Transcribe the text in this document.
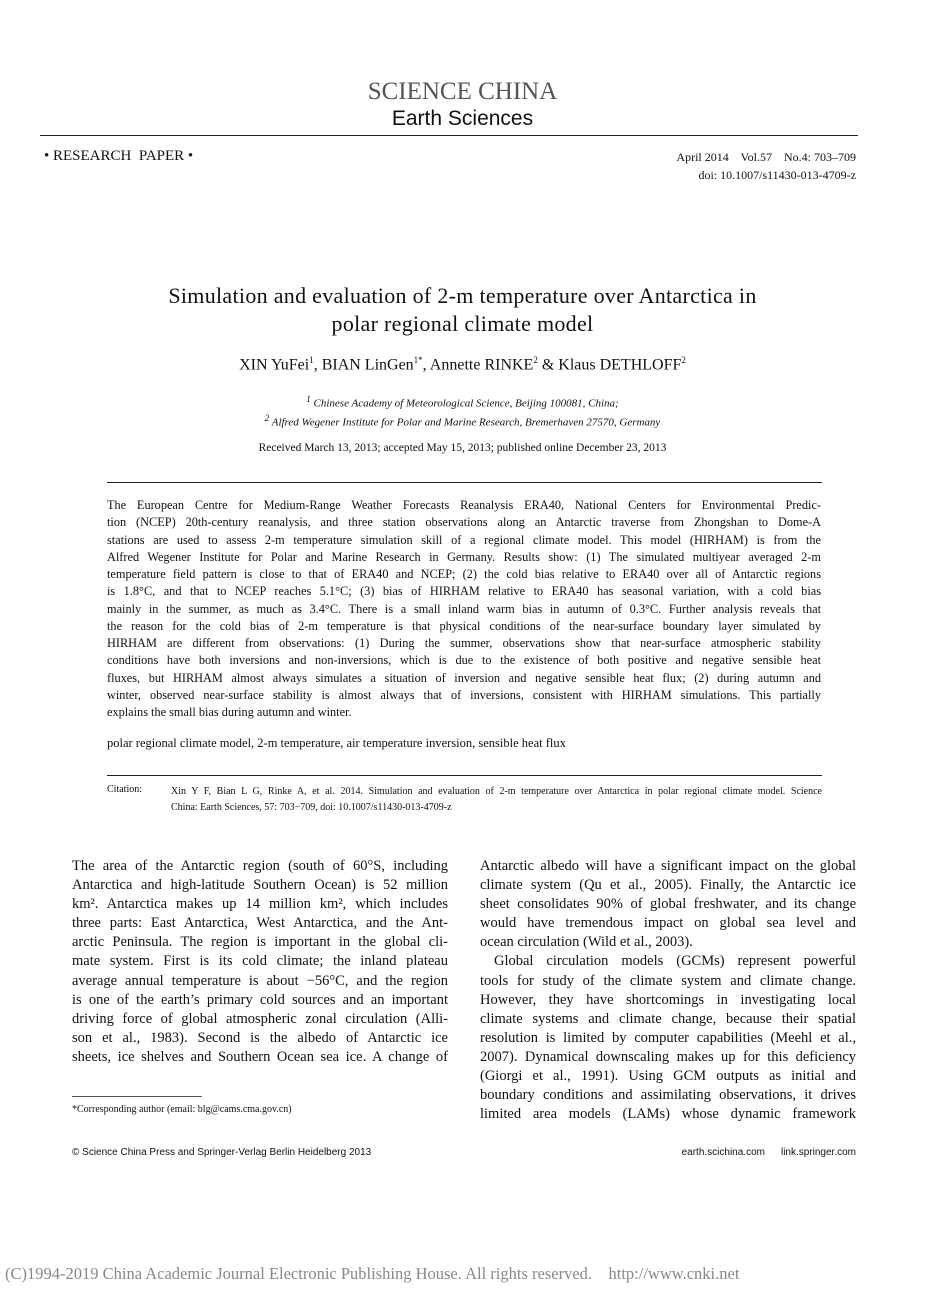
SCIENCE CHINA
Earth Sciences
• RESEARCH  PAPER •	April 2014    Vol.57    No.4: 703–709
doi: 10.1007/s11430-013-4709-z
Simulation and evaluation of 2-m temperature over Antarctica in
polar regional climate model
XIN YuFei$^1$, BIAN LinGen$^{1*}$, Annette RINKE$^2$ & Klaus DETHLOFF$^2$
$^1$ Chinese Academy of Meteorological Science, Beijing 100081, China;
$^2$ Alfred Wegener Institute for Polar and Marine Research, Bremerhaven 27570, Germany
Received March 13, 2013; accepted May 15, 2013; published online December 23, 2013
The European Centre for Medium-Range Weather Forecasts Reanalysis ERA40, National Centers for Environmental Predic-
tion (NCEP) 20th-century reanalysis, and three station observations along an Antarctic traverse from Zhongshan to Dome-A
stations are used to assess 2-m temperature simulation skill of a regional climate model. This model (HIRHAM) is from the
Alfred Wegener Institute for Polar and Marine Research in Germany. Results show: (1) The simulated multiyear averaged 2-m
temperature field pattern is close to that of ERA40 and NCEP; (2) the cold bias relative to ERA40 over all of Antarctic regions
is 1.8°C, and that to NCEP reaches 5.1°C; (3) bias of HIRHAM relative to ERA40 has seasonal variation, with a cold bias
mainly in the summer, as much as 3.4°C. There is a small inland warm bias in autumn of 0.3°C. Further analysis reveals that
the reason for the cold bias of 2-m temperature is that physical conditions of the near-surface boundary layer simulated by
HIRHAM are different from observations: (1) During the summer, observations show that near-surface atmospheric stability
conditions have both inversions and non-inversions, which is due to the existence of both positive and negative sensible heat
fluxes, but HIRHAM almost always simulates a situation of inversion and negative sensible heat flux; (2) during autumn and
winter, observed near-surface stability is almost always that of inversions, consistent with HIRHAM simulations. This partially
explains the small bias during autumn and winter.
polar regional climate model, 2-m temperature, air temperature inversion, sensible heat flux
Citation:	Xin Y F, Bian L G, Rinke A, et al. 2014. Simulation and evaluation of 2-m temperature over Antarctica in polar regional climate model. Science
China: Earth Sciences, 57: 703−709, doi: 10.1007/s11430-013-4709-z
The area of the Antarctic region (south of 60°S, including
Antarctica and high-latitude Southern Ocean) is 52 million
km². Antarctica makes up 14 million km², which includes
three parts: East Antarctica, West Antarctica, and the Ant-
arctic Peninsula. The region is important in the global cli-
mate system. First is its cold climate; the inland plateau
average annual temperature is about −56°C, and the region
is one of the earth’s primary cold sources and an important
driving force of global atmospheric zonal circulation (Alli-
son et al., 1983). Second is the albedo of Antarctic ice
sheets, ice shelves and Southern Ocean sea ice. A change of
Antarctic albedo will have a significant impact on the global
climate system (Qu et al., 2005). Finally, the Antarctic ice
sheet consolidates 90% of global freshwater, and its change
would have tremendous impact on global sea level and
ocean circulation (Wild et al., 2003).
Global circulation models (GCMs) represent powerful
tools for study of the climate system and climate change.
However, they have shortcomings in investigating local
climate systems and climate change, because their spatial
resolution is limited by computer capabilities (Meehl et al.,
2007). Dynamical downscaling makes up for this deficiency
(Giorgi et al., 1991). Using GCM outputs as initial and
boundary conditions and assimilating observations, it drives
limited area models (LAMs) whose dynamic framework
*Corresponding author (email: blg@cams.cma.gov.cn)
© Science China Press and Springer-Verlag Berlin Heidelberg 2013	earth.scichina.com link.springer.com
(C)1994-2019 China Academic Journal Electronic Publishing House. All rights reserved.    http://www.cnki.net
